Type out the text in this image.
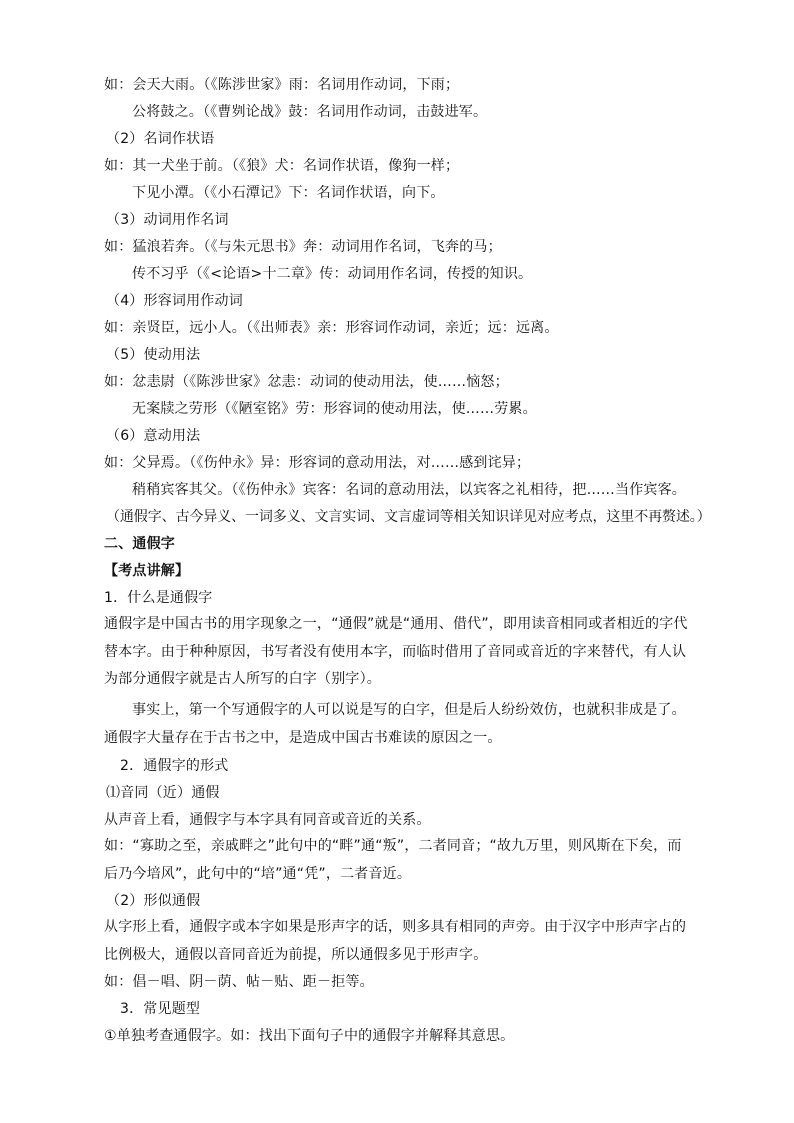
如：会天大雨。（《陈涉世家》雨：名词用作动词，下雨；
公将鼓之。（《曹刿论战》鼓：名词用作动词，击鼓进军。
（2）名词作状语
如：其一犬坐于前。（《狼》犬：名词作状语，像狗一样；
下见小潭。（《小石潭记》下：名词作状语，向下。
（3）动词用作名词
如：猛浪若奔。（《与朱元思书》奔：动词用作名词，飞奔的马；
传不习乎（《<论语>十二章》传：动词用作名词，传授的知识。
（4）形容词用作动词
如：亲贤臣，远小人。（《出师表》亲：形容词作动词，亲近；远：远离。
（5）使动用法
如：忿恚尉（《陈涉世家》忿恚：动词的使动用法，使……恼怒；
无案牍之劳形（《陋室铭》劳：形容词的使动用法，使……劳累。
（6）意动用法
如：父异焉。（《伤仲永》异：形容词的意动用法，对……感到诧异；
稍稍宾客其父。（《伤仲永》宾客：名词的意动用法，以宾客之礼相待，把……当作宾客。
（通假字、古今异义、一词多义、文言实词、文言虚词等相关知识详见对应考点，这里不再赘述。）
二、通假字
【考点讲解】
1．什么是通假字
通假字是中国古书的用字现象之一，“通假”就是“通用、借代”，即用读音相同或者相近的字代替本字。由于种种原因，书写者没有使用本字，而临时借用了音同或音近的字来替代，有人认为部分通假字就是古人所写的白字（别字）。
事实上，第一个写通假字的人可以说是写的白字，但是后人纷纷效仿，也就积非成是了。通假字大量存在于古书之中，是造成中国古书难读的原因之一。
2．通假字的形式
⑴音同（近）通假
从声音上看，通假字与本字具有同音或音近的关系。
如：“寡助之至，亲戚畔之”此句中的“畔”通“叛”，二者同音；“故九万里，则风斯在下矣，而后乃今培风”，此句中的“培”通“凭”，二者音近。
（2）形似通假
从字形上看，通假字或本字如果是形声字的话，则多具有相同的声旁。由于汉字中形声字占的比例极大，通假以音同音近为前提，所以通假多见于形声字。
如：倡－唱、阴－荫、帖－贴、距－拒等。
3．常见题型
①单独考查通假字。如：找出下面句子中的通假字并解释其意思。
